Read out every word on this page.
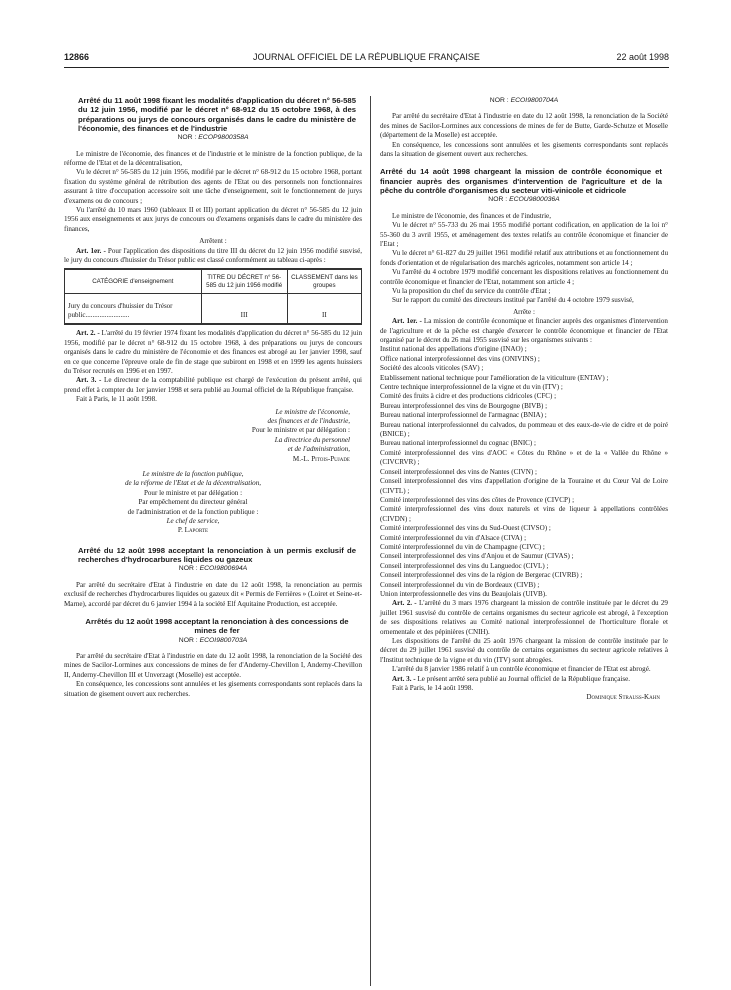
12866	JOURNAL OFFICIEL DE LA RÉPUBLIQUE FRANÇAISE	22 août 1998
Arrêté du 11 août 1998 fixant les modalités d'application du décret n° 56-585 du 12 juin 1956, modifié par le décret n° 68-912 du 15 octobre 1968, à des préparations ou jurys de concours organisés dans le cadre du ministère de l'économie, des finances et de l'industrie
NOR : ECOP9800358A

Le ministre de l'économie, des finances et de l'industrie et le ministre de la fonction publique, de la réforme de l'Etat et de la décentralisation,

Vu le décret n° 56-585 du 12 juin 1956, modifié par le décret n° 68-912 du 15 octobre 1968, portant fixation du système général de rétribution des agents de l'Etat ou des personnels non fonctionnaires assurant à titre d'occupation accessoire soit une tâche d'enseignement, soit le fonctionnement de jurys d'examens ou de concours ;

Vu l'arrêté du 10 mars 1960 (tableaux II et III) portant application du décret n° 56-585 du 12 juin 1956 aux enseignements et aux jurys de concours ou d'examens organisés dans le cadre du ministère des finances,

Arrêtent :

Art. 1er. - Pour l'application des dispositions du titre III du décret du 12 juin 1956 modifié susvisé, le jury du concours d'huissier du Trésor public est classé conformément au tableau ci-après :

CATÉGORIE d'enseignement	TITRE DU DÉCRET n° 56-585 du 12 juin 1956 modifié	CLASSEMENT dans les groupes
Jury du concours d'huissier du Trésor public.........................	III	II

Art. 2. - L'arrêté du 19 février 1974 fixant les modalités d'application du décret n° 56-585 du 12 juin 1956, modifié par le décret n° 68-912 du 15 octobre 1968, à des préparations ou jurys de concours organisés dans le cadre du ministère de l'économie et des finances est abrogé au 1er janvier 1998, sauf en ce que concerne l'épreuve orale de fin de stage que subiront en 1998 et en 1999 les agents huissiers du Trésor recrutés en 1996 et en 1997.

Art. 3. - Le directeur de la comptabilité publique est chargé de l'exécution du présent arrêté, qui prend effet à compter du 1er janvier 1998 et sera publié au Journal officiel de la République française.

Fait à Paris, le 11 août 1998.

Le ministre de l'économie,

des finances et de l'industrie,

Pour le ministre et par délégation :

La directrice du personnel

et de l'administration,

M.-L. Pitois-Pujade

Le ministre de la fonction publique,

de la réforme de l'Etat et de la décentralisation,

Pour le ministre et par délégation :

Par empêchement du directeur général

de l'administration et de la fonction publique :

Le chef de service,

P. Laporte

Arrêté du 12 août 1998 acceptant la renonciation à un permis exclusif de recherches d'hydrocarbures liquides ou gazeux
NOR : ECOI9800694A

Par arrêté du secrétaire d'Etat à l'industrie en date du 12 août 1998, la renonciation au permis exclusif de recherches d'hydrocarbures liquides ou gazeux dit « Permis de Ferrières » (Loiret et Seine-et-Marne), accordé par décret du 6 janvier 1994 à la société Elf Aquitaine Production, est acceptée.

Arrêtés du 12 août 1998 acceptant la renonciation à des concessions de mines de fer
NOR : ECOI9800703A

Par arrêté du secrétaire d'Etat à l'industrie en date du 12 août 1998, la renonciation de la Société des mines de Sacilor-Lormines aux concessions de mines de fer d'Anderny-Chevillon I, Anderny-Chevillon II, Anderny-Chevillon III et Unverzagt (Moselle) est acceptée.

En conséquence, les concessions sont annulées et les gisements correspondants sont replacés dans la situation de gisement ouvert aux recherches.

NOR : ECOI9800704A

Par arrêté du secrétaire d'Etat à l'industrie en date du 12 août 1998, la renonciation de la Société des mines de Sacilor-Lormines aux concessions de mines de fer de Butte, Garde-Schutze et Moselle (département de la Moselle) est acceptée.

En conséquence, les concessions sont annulées et les gisements correspondants sont replacés dans la situation de gisement ouvert aux recherches.

Arrêté du 14 août 1998 chargeant la mission de contrôle économique et financier auprès des organismes d'intervention de l'agriculture et de la pêche du contrôle d'organismes du secteur viti-vinicole et cidricole
NOR : ECOU9800036A

Le ministre de l'économie, des finances et de l'industrie,

Vu le décret n° 55-733 du 26 mai 1955 modifié portant codification, en application de la loi n° 55-360 du 3 avril 1955, et aménagement des textes relatifs au contrôle économique et financier de l'Etat ;

Vu le décret n° 61-827 du 29 juillet 1961 modifié relatif aux attributions et au fonctionnement du fonds d'orientation et de régularisation des marchés agricoles, notamment son article 14 ;

Vu l'arrêté du 4 octobre 1979 modifié concernant les dispositions relatives au fonctionnement du contrôle économique et financier de l'Etat, notamment son article 4 ;

Vu la proposition du chef du service du contrôle d'Etat ;

Sur le rapport du comité des directeurs institué par l'arrêté du 4 octobre 1979 susvisé,

Arrête :

Art. 1er. - La mission de contrôle économique et financier auprès des organismes d'intervention de l'agriculture et de la pêche est chargée d'exercer le contrôle économique et financier de l'Etat organisé par le décret du 26 mai 1955 susvisé sur les organismes suivants :

Institut national des appellations d'origine (INAO) ;

Office national interprofessionnel des vins (ONIVINS) ;

Société des alcools viticoles (SAV) ;

Etablissement national technique pour l'amélioration de la viticulture (ENTAV) ;

Centre technique interprofessionnel de la vigne et du vin (ITV) ;

Comité des fruits à cidre et des productions cidricoles (CFC) ;

Bureau interprofessionnel des vins de Bourgogne (BIVB) ;

Bureau national interprofessionnel de l'armagnac (BNIA) ;

Bureau national interprofessionnel du calvados, du pommeau et des eaux-de-vie de cidre et de poiré (BNICE) ;

Bureau national interprofessionnel du cognac (BNIC) ;

Comité interprofessionnel des vins d'AOC « Côtes du Rhône » et de la « Vallée du Rhône » (CIVCRVR) ;

Conseil interprofessionnel des vins de Nantes (CIVN) ;

Conseil interprofessionnel des vins d'appellation d'origine de la Touraine et du Cœur Val de Loire (CIVTL) ;

Comité interprofessionnel des vins des côtes de Provence (CIVCP) ;

Comité interprofessionnel des vins doux naturels et vins de liqueur à appellations contrôlées (CIVDN) ;

Comité interprofessionnel des vins du Sud-Ouest (CIVSO) ;

Comité interprofessionnel du vin d'Alsace (CIVA) ;

Comité interprofessionnel du vin de Champagne (CIVC) ;

Conseil interprofessionnel des vins d'Anjou et de Saumur (CIVAS) ;

Conseil interprofessionnel des vins du Languedoc (CIVL) ;

Conseil interprofessionnel des vins de la région de Bergerac (CIVRB) ;

Conseil interprofessionnel du vin de Bordeaux (CIVB) ;

Union interprofessionnelle des vins du Beaujolais (UIVB).

Art. 2. - L'arrêté du 3 mars 1976 chargeant la mission de contrôle instituée par le décret du 29 juillet 1961 susvisé du contrôle de certains organismes du secteur agricole est abrogé, à l'exception de ses dispositions relatives au Comité national interprofessionnel de l'horticulture florale et ornementale et des pépinières (CNIH).

Les dispositions de l'arrêté du 25 août 1976 chargeant la mission de contrôle instituée par le décret du 29 juillet 1961 susvisé du contrôle de certains organismes du secteur agricole relatives à l'Institut technique de la vigne et du vin (ITV) sont abrogées.

L'arrêté du 8 janvier 1986 relatif à un contrôle économique et financier de l'Etat est abrogé.

Art. 3. - Le présent arrêté sera publié au Journal officiel de la République française.

Fait à Paris, le 14 août 1998.

Dominique Strauss-Kahn
